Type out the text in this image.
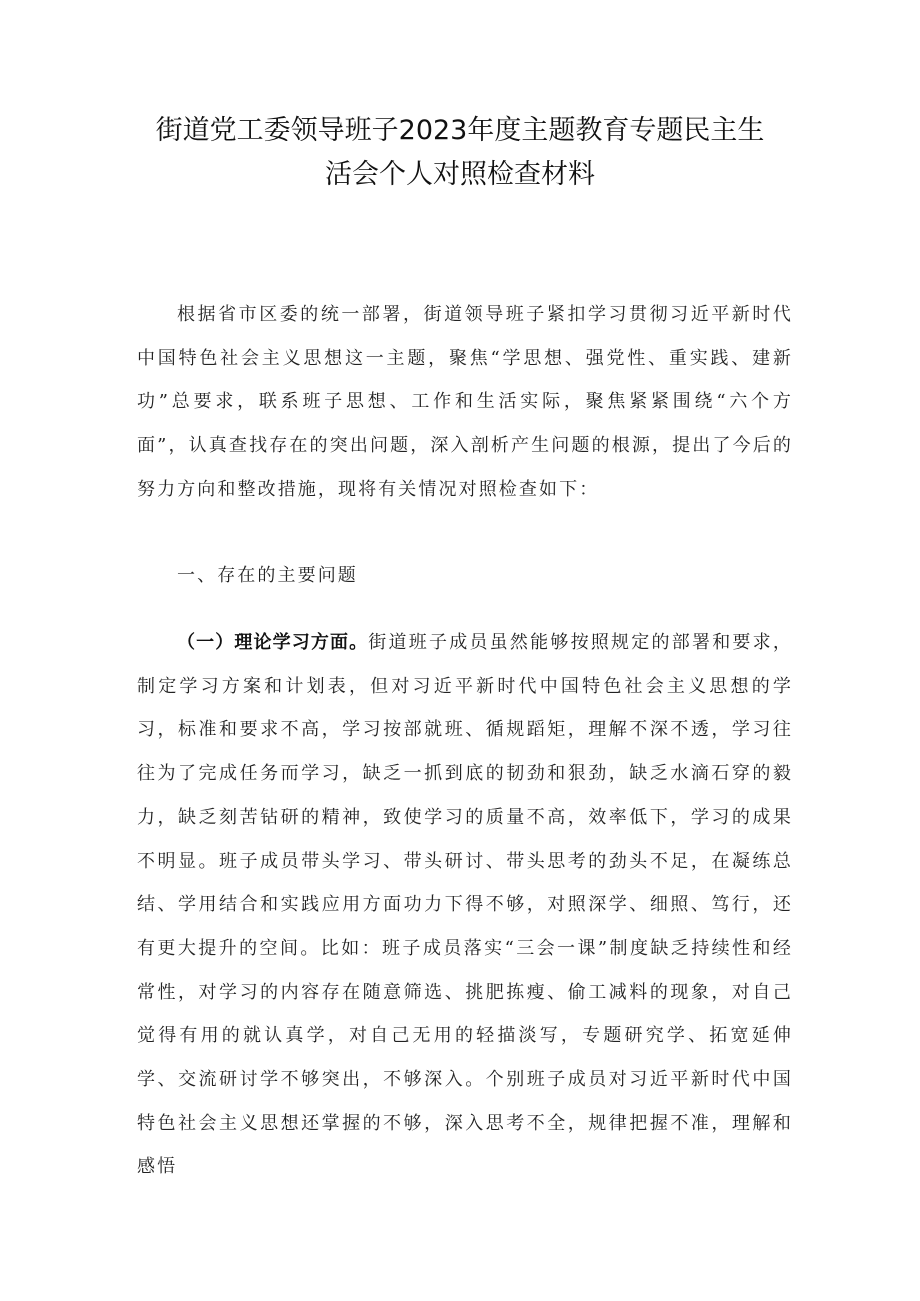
街道党工委领导班子2023年度主题教育专题民主生
活会个人对照检查材料

根据省市区委的统一部署，街道领导班子紧扣学习贯彻习近平新时代中国特色社会主义思想这一主题，聚焦“学思想、强党性、重实践、建新功”总要求，联系班子思想、工作和生活实际，聚焦紧紧围绕“六个方面”，认真查找存在的突出问题，深入剖析产生问题的根源，提出了今后的努力方向和整改措施，现将有关情况对照检查如下：

一、存在的主要问题

（一）理论学习方面。街道班子成员虽然能够按照规定的部署和要求，制定学习方案和计划表，但对习近平新时代中国特色社会主义思想的学习，标准和要求不高，学习按部就班、循规蹈矩，理解不深不透，学习往往为了完成任务而学习，缺乏一抓到底的韧劲和狠劲，缺乏水滴石穿的毅力，缺乏刻苦钻研的精神，致使学习的质量不高，效率低下，学习的成果不明显。班子成员带头学习、带头研讨、带头思考的劲头不足，在凝练总结、学用结合和实践应用方面功力下得不够，对照深学、细照、笃行，还有更大提升的空间。比如：班子成员落实“三会一课”制度缺乏持续性和经常性，对学习的内容存在随意筛选、挑肥拣瘦、偷工减料的现象，对自己觉得有用的就认真学，对自己无用的轻描淡写，专题研究学、拓宽延伸学、交流研讨学不够突出，不够深入。个别班子成员对习近平新时代中国特色社会主义思想还掌握的不够，深入思考不全，规律把握不准，理解和感悟
